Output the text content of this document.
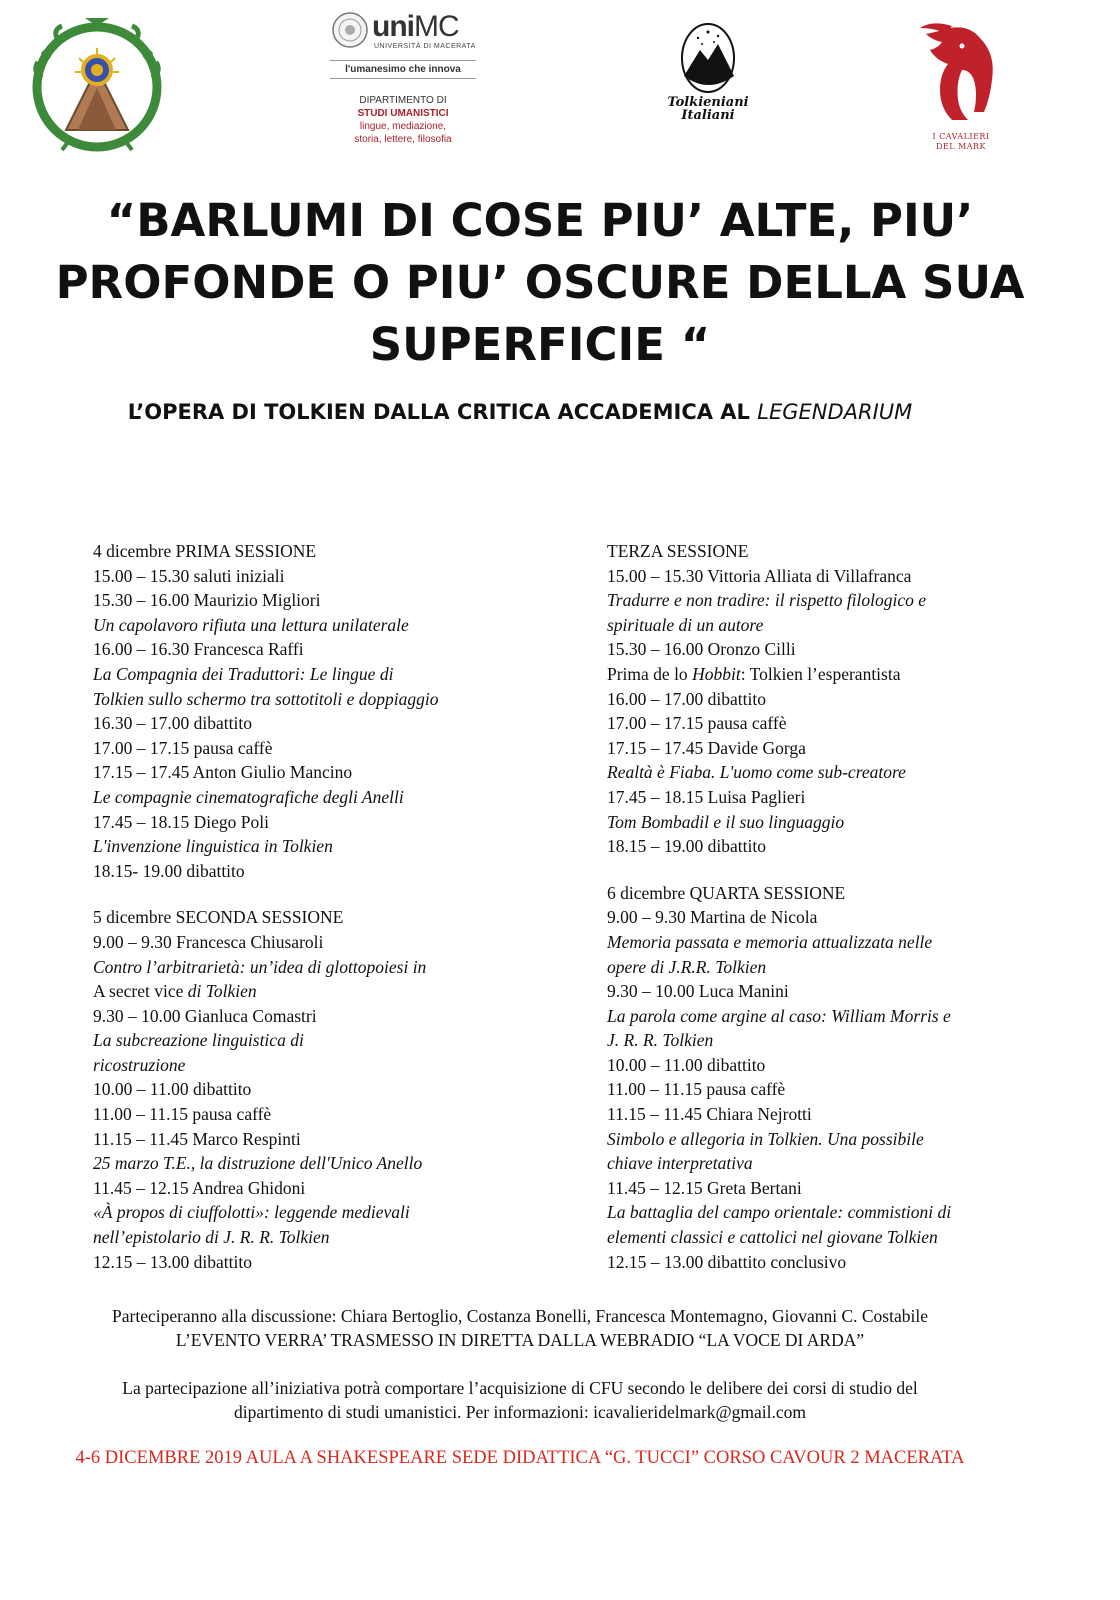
uniMC
UNIVERSITÀ DI MACERATA
l'umanesimo che innova
DIPARTIMENTO DI
STUDI UMANISTICI
lingue, mediazione,
storia, lettere, filosofia
Tolkieniani
Italiani
I CAVALIERI
DEL MARK
“BARLUMI DI COSE PIU’ ALTE, PIU’
PROFONDE O PIU’ OSCURE DELLA SUA
SUPERFICIE “

L’OPERA DI TOLKIEN DALLA CRITICA ACCADEMICA AL LEGENDARIUM

4 dicembre PRIMA SESSIONE
15.00 – 15.30 saluti iniziali
15.30 – 16.00 Maurizio Migliori
Un capolavoro rifiuta una lettura unilaterale
16.00 – 16.30 Francesca Raffi
La Compagnia dei Traduttori: Le lingue di
Tolkien sullo schermo tra sottotitoli e doppiaggio
16.30 – 17.00 dibattito
17.00 – 17.15 pausa caffè
17.15 – 17.45 Anton Giulio Mancino
Le compagnie cinematografiche degli Anelli
17.45 – 18.15 Diego Poli
L'invenzione linguistica in Tolkien
18.15- 19.00 dibattito
5 dicembre SECONDA SESSIONE
9.00 – 9.30 Francesca Chiusaroli
Contro l’arbitrarietà: un’idea di glottopoiesi in
A secret vice di Tolkien
9.30 – 10.00 Gianluca Comastri
La subcreazione linguistica di
ricostruzione
10.00 – 11.00 dibattito
11.00 – 11.15 pausa caffè
11.15 – 11.45 Marco Respinti
25 marzo T.E., la distruzione dell'Unico Anello
11.45 – 12.15 Andrea Ghidoni
«À propos di ciuffolotti»: leggende medievali
nell’epistolario di J. R. R. Tolkien
12.15 – 13.00 dibattito
TERZA SESSIONE
15.00 – 15.30 Vittoria Alliata di Villafranca
Tradurre e non tradire: il rispetto filologico e
spirituale di un autore
15.30 – 16.00 Oronzo Cilli
Prima de lo Hobbit: Tolkien l’esperantista
16.00 – 17.00 dibattito
17.00 – 17.15 pausa caffè
17.15 – 17.45 Davide Gorga
Realtà è Fiaba. L'uomo come sub-creatore
17.45 – 18.15 Luisa Paglieri
Tom Bombadil e il suo linguaggio
18.15 – 19.00 dibattito
6 dicembre QUARTA SESSIONE
9.00 – 9.30 Martina de Nicola
Memoria passata e memoria attualizzata nelle
opere di J.R.R. Tolkien
9.30 – 10.00 Luca Manini
La parola come argine al caso: William Morris e
J. R. R. Tolkien
10.00 – 11.00 dibattito
11.00 – 11.15 pausa caffè
11.15 – 11.45 Chiara Nejrotti
Simbolo e allegoria in Tolkien. Una possibile
chiave interpretativa
11.45 – 12.15 Greta Bertani
La battaglia del campo orientale: commistioni di
elementi classici e cattolici nel giovane Tolkien
12.15 – 13.00 dibattito conclusivo
Parteciperanno alla discussione: Chiara Bertoglio, Costanza Bonelli, Francesca Montemagno, Giovanni C. Costabile
L’EVENTO VERRA’ TRASMESSO IN DIRETTA DALLA WEBRADIO “LA VOCE DI ARDA”
La partecipazione all’iniziativa potrà comportare l’acquisizione di CFU secondo le delibere dei corsi di studio del
dipartimento di studi umanistici. Per informazioni: icavalieridelmark@gmail.com
4-6 DICEMBRE 2019 AULA A SHAKESPEARE SEDE DIDATTICA “G. TUCCI” CORSO CAVOUR 2 MACERATA
